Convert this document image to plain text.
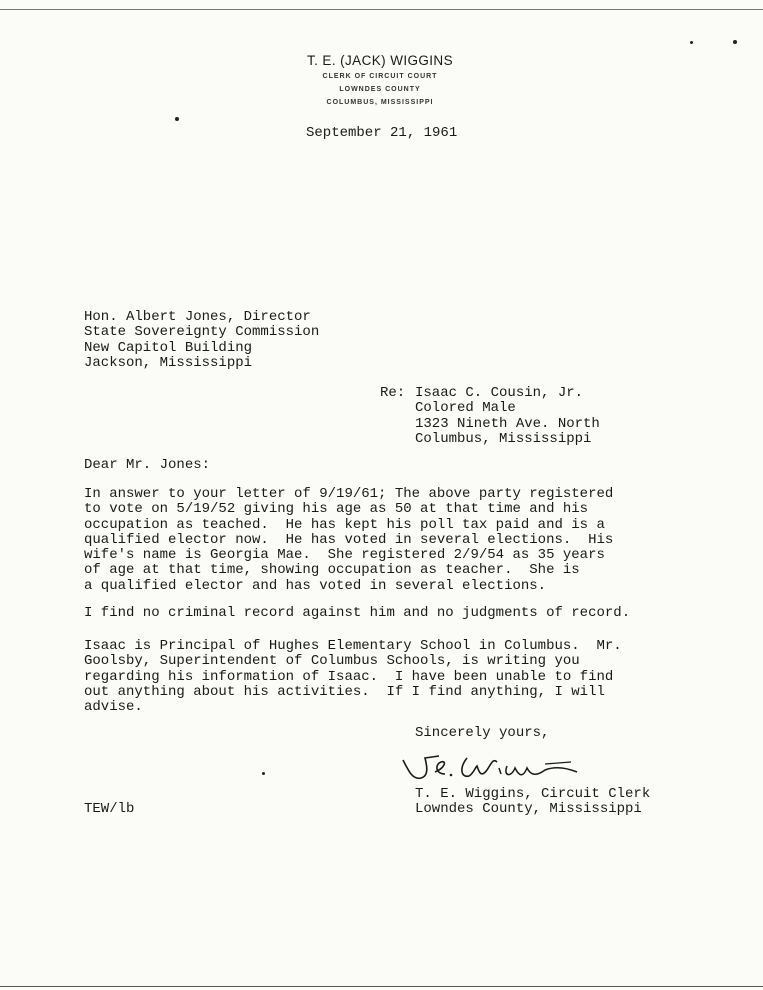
T. E. (JACK) WIGGINS
CLERK OF CIRCUIT COURT
LOWNDES COUNTY
COLUMBUS, MISSISSIPPI
September 21, 1961
Hon. Albert Jones, Director
State Sovereignty Commission
New Capitol Building
Jackson, Mississippi
Re: Isaac C. Cousin, Jr.
Colored Male
1323 Nineth Ave. North
Columbus, Mississippi
Dear Mr. Jones:
In answer to your letter of 9/19/61; The above party registered
to vote on 5/19/52 giving his age as 50 at that time and his
occupation as teached.  He has kept his poll tax paid and is a
qualified elector now.  He has voted in several elections.  His
wife's name is Georgia Mae.  She registered 2/9/54 as 35 years
of age at that time, showing occupation as teacher.  She is
a qualified elector and has voted in several elections.
I find no criminal record against him and no judgments of record.
Isaac is Principal of Hughes Elementary School in Columbus.  Mr.
Goolsby, Superintendent of Columbus Schools, is writing you
regarding his information of Isaac.  I have been unable to find
out anything about his activities.  If I find anything, I will
advise.
Sincerely yours,
T. E. Wiggins, Circuit Clerk
Lowndes County, Mississippi
TEW/lb
